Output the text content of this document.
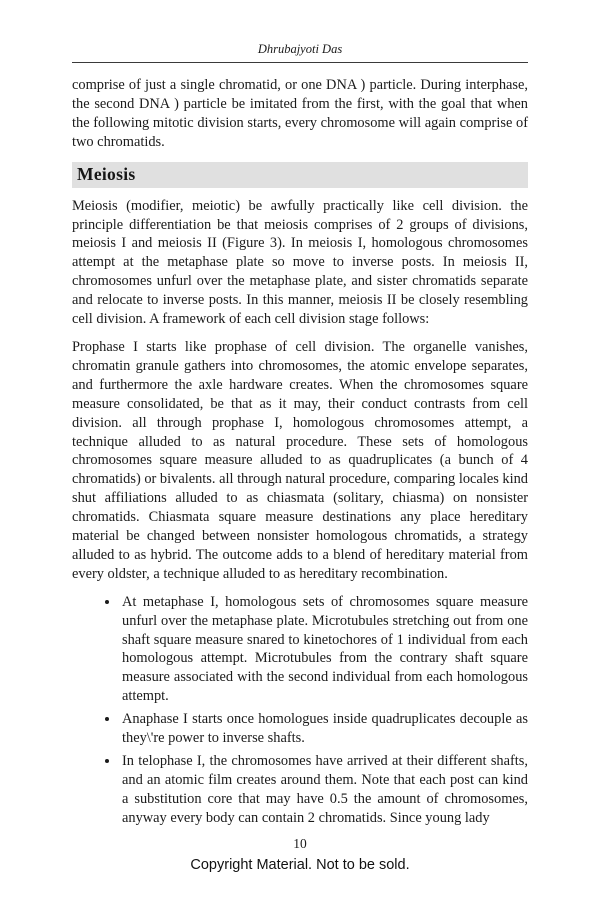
Dhrubajyoti Das

comprise of just a single chromatid, or one DNA ) particle. During interphase, the second DNA ) particle be imitated from the first, with the goal that when the following mitotic division starts, every chromosome will again comprise of two chromatids.

Meiosis

Meiosis (modifier, meiotic) be awfully practically like cell division. the principle differentiation be that meiosis comprises of 2 groups of divisions, meiosis I and meiosis II (Figure 3). In meiosis I, homologous chromosomes attempt at the metaphase plate so move to inverse posts. In meiosis II, chromosomes unfurl over the metaphase plate, and sister chromatids separate and relocate to inverse posts. In this manner, meiosis II be closely resembling cell division. A framework of each cell division stage follows:

Prophase I starts like prophase of cell division. The organelle vanishes, chromatin granule gathers into chromosomes, the atomic envelope separates, and furthermore the axle hardware creates. When the chromosomes square measure consolidated, be that as it may, their conduct contrasts from cell division. all through prophase I, homologous chromosomes attempt, a technique alluded to as natural procedure. These sets of homologous chromosomes square measure alluded to as quadruplicates (a bunch of 4 chromatids) or bivalents. all through natural procedure, comparing locales kind shut affiliations alluded to as chiasmata (solitary, chiasma) on nonsister chromatids. Chiasmata square measure destinations any place hereditary material be changed between nonsister homologous chromatids, a strategy alluded to as hybrid. The outcome adds to a blend of hereditary material from every oldster, a technique alluded to as hereditary recombination.

• At metaphase I, homologous sets of chromosomes square measure unfurl over the metaphase plate. Microtubules stretching out from one shaft square measure snared to kinetochores of 1 individual from each homologous attempt. Microtubules from the contrary shaft square measure associated with the second individual from each homologous attempt.
• Anaphase I starts once homologues inside quadruplicates decouple as they\'re power to inverse shafts.
• In telophase I, the chromosomes have arrived at their different shafts, and an atomic film creates around them. Note that each post can kind a substitution core that may have 0.5 the amount of chromosomes, anyway every body can contain 2 chromatids. Since young lady
10
Copyright Material. Not to be sold.
